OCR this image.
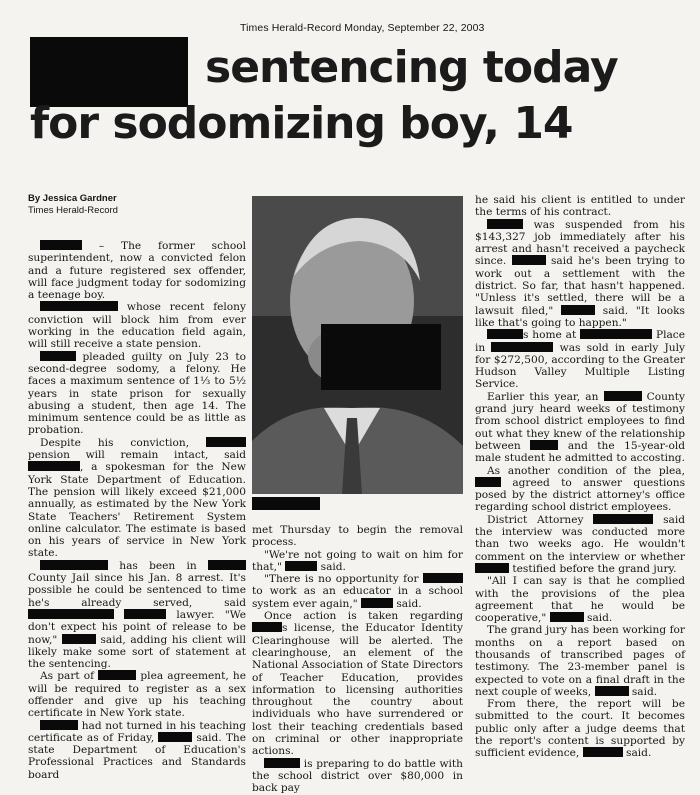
Times Herald-Record Monday, September 22, 2003
sentencing today
for sodomizing boy, 14
By Jessica Gardner
Times Herald-Record

– The former school superintendent, now a convicted felon and a future registered sex offender, will face judgment today for sodomizing a teenage boy.

whose recent felony conviction will block him from ever working in the education field again, will still receive a state pension.

pleaded guilty on July 23 to second-degree sodomy, a felony. He faces a maximum sentence of 1⅓ to 5½ years in state prison for sexually abusing a student, then age 14. The minimum sentence could be as little as probation.

Despite his conviction,  pension will remain intact, said , a spokesman for the New York State Department of Education. The pension will likely exceed $21,000 annually, as estimated by the New York State Teachers' Retirement System online calculator. The estimate is based on his years of service in New York state.

has been in  County Jail since his Jan. 8 arrest. It's possible he could be sentenced to time he's already served, said   lawyer. "We don't expect his point of release to be now,"	said, adding his client will likely make some sort of statement at the sentencing.

As part of	plea agreement, he will be required to register as a sex offender and give up his teaching certificate in New York state.

had not turned in his teaching certificate as of Friday,	said. The state Department of Education's Professional Practices and Standards board

met Thursday to begin the removal process.

"We're not going to wait on him for that,"	said.

"There is no opportunity for  to work as an educator in a school system ever again,"	said.

Once action is taken regarding s license, the Educator Identity Clearinghouse will be alerted. The clearinghouse, an element of the National Association of State Directors of Teacher Education, provides information to licensing authorities throughout the country about individuals who have surrendered or lost their teaching credentials based on criminal or other inappropriate actions.

is preparing to do battle with the school district over $80,000 in back pay

he said his client is entitled to under the terms of his contract.

was suspended from his $143,327 job immediately after his arrest and hasn't received a paycheck since.	said he's been trying to work out a settlement with the district. So far, that hasn't happened. "Unless it's settled, there will be a lawsuit filed,"	said. "It looks like that's going to happen."

s home at	Place in	was sold in early July for $272,500, according to the Greater Hudson Valley Multiple Listing Service.

Earlier this year, an	County grand jury heard weeks of testimony from school district employees to find out what they knew of the relationship between	and the 15-year-old male student he admitted to accosting.

As another condition of the plea,  agreed to answer questions posed by the district attorney's office regarding school district employees.

District Attorney	said the interview was conducted more than two weeks ago. He wouldn't comment on the interview or whether  testified before the grand jury.

"All I can say is that he complied with the provisions of the plea agreement that he would be cooperative,"	said.

The grand jury has been working for months on a report based on thousands of transcribed pages of testimony. The 23-member panel is expected to vote on a final draft in the next couple of weeks,	said.

From there, the report will be submitted to the court. It becomes public only after a judge deems that the report's content is supported by sufficient evidence,	said.
